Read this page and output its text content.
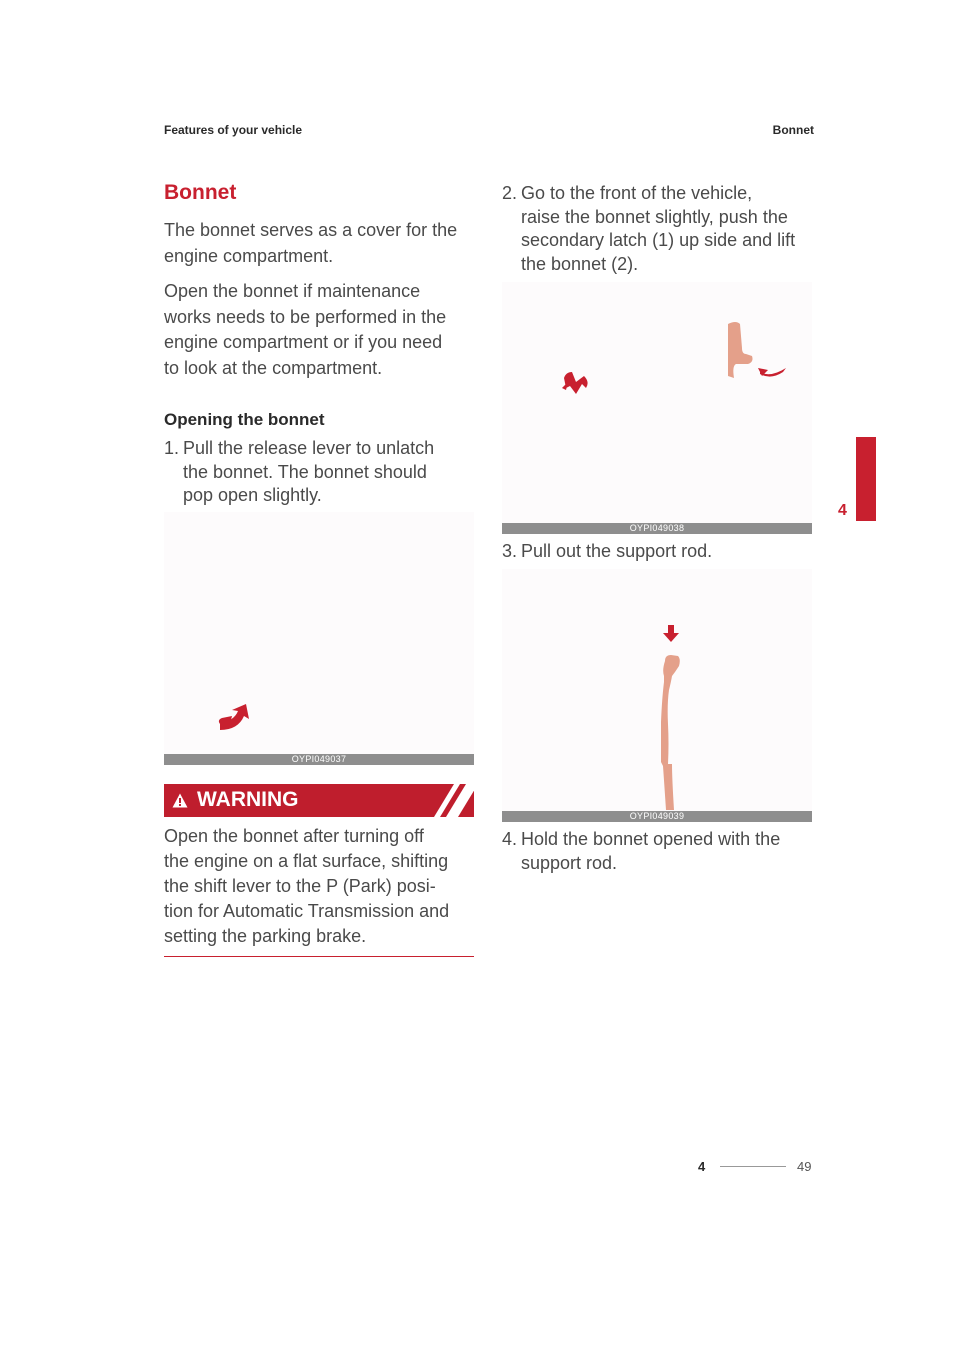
Features of your vehicle	Bonnet
Bonnet
The bonnet serves as a cover for the
engine compartment.
Open the bonnet if maintenance
works needs to be performed in the
engine compartment or if you need
to look at the compartment.
Opening the bonnet
1. Pull the release lever to unlatch
the bonnet. The bonnet should
pop open slightly.
OYPI049037
WARNING
Open the bonnet after turning off
the engine on a flat surface, shifting
the shift lever to the P (Park) posi-
tion for Automatic Transmission and
setting the parking brake.
2. Go to the front of the vehicle,
raise the bonnet slightly, push the
secondary latch (1) up side and lift
the bonnet (2).
OYPI049038
3. Pull out the support rod.
OYPI049039
4. Hold the bonnet opened with the
support rod.
4
4	49
